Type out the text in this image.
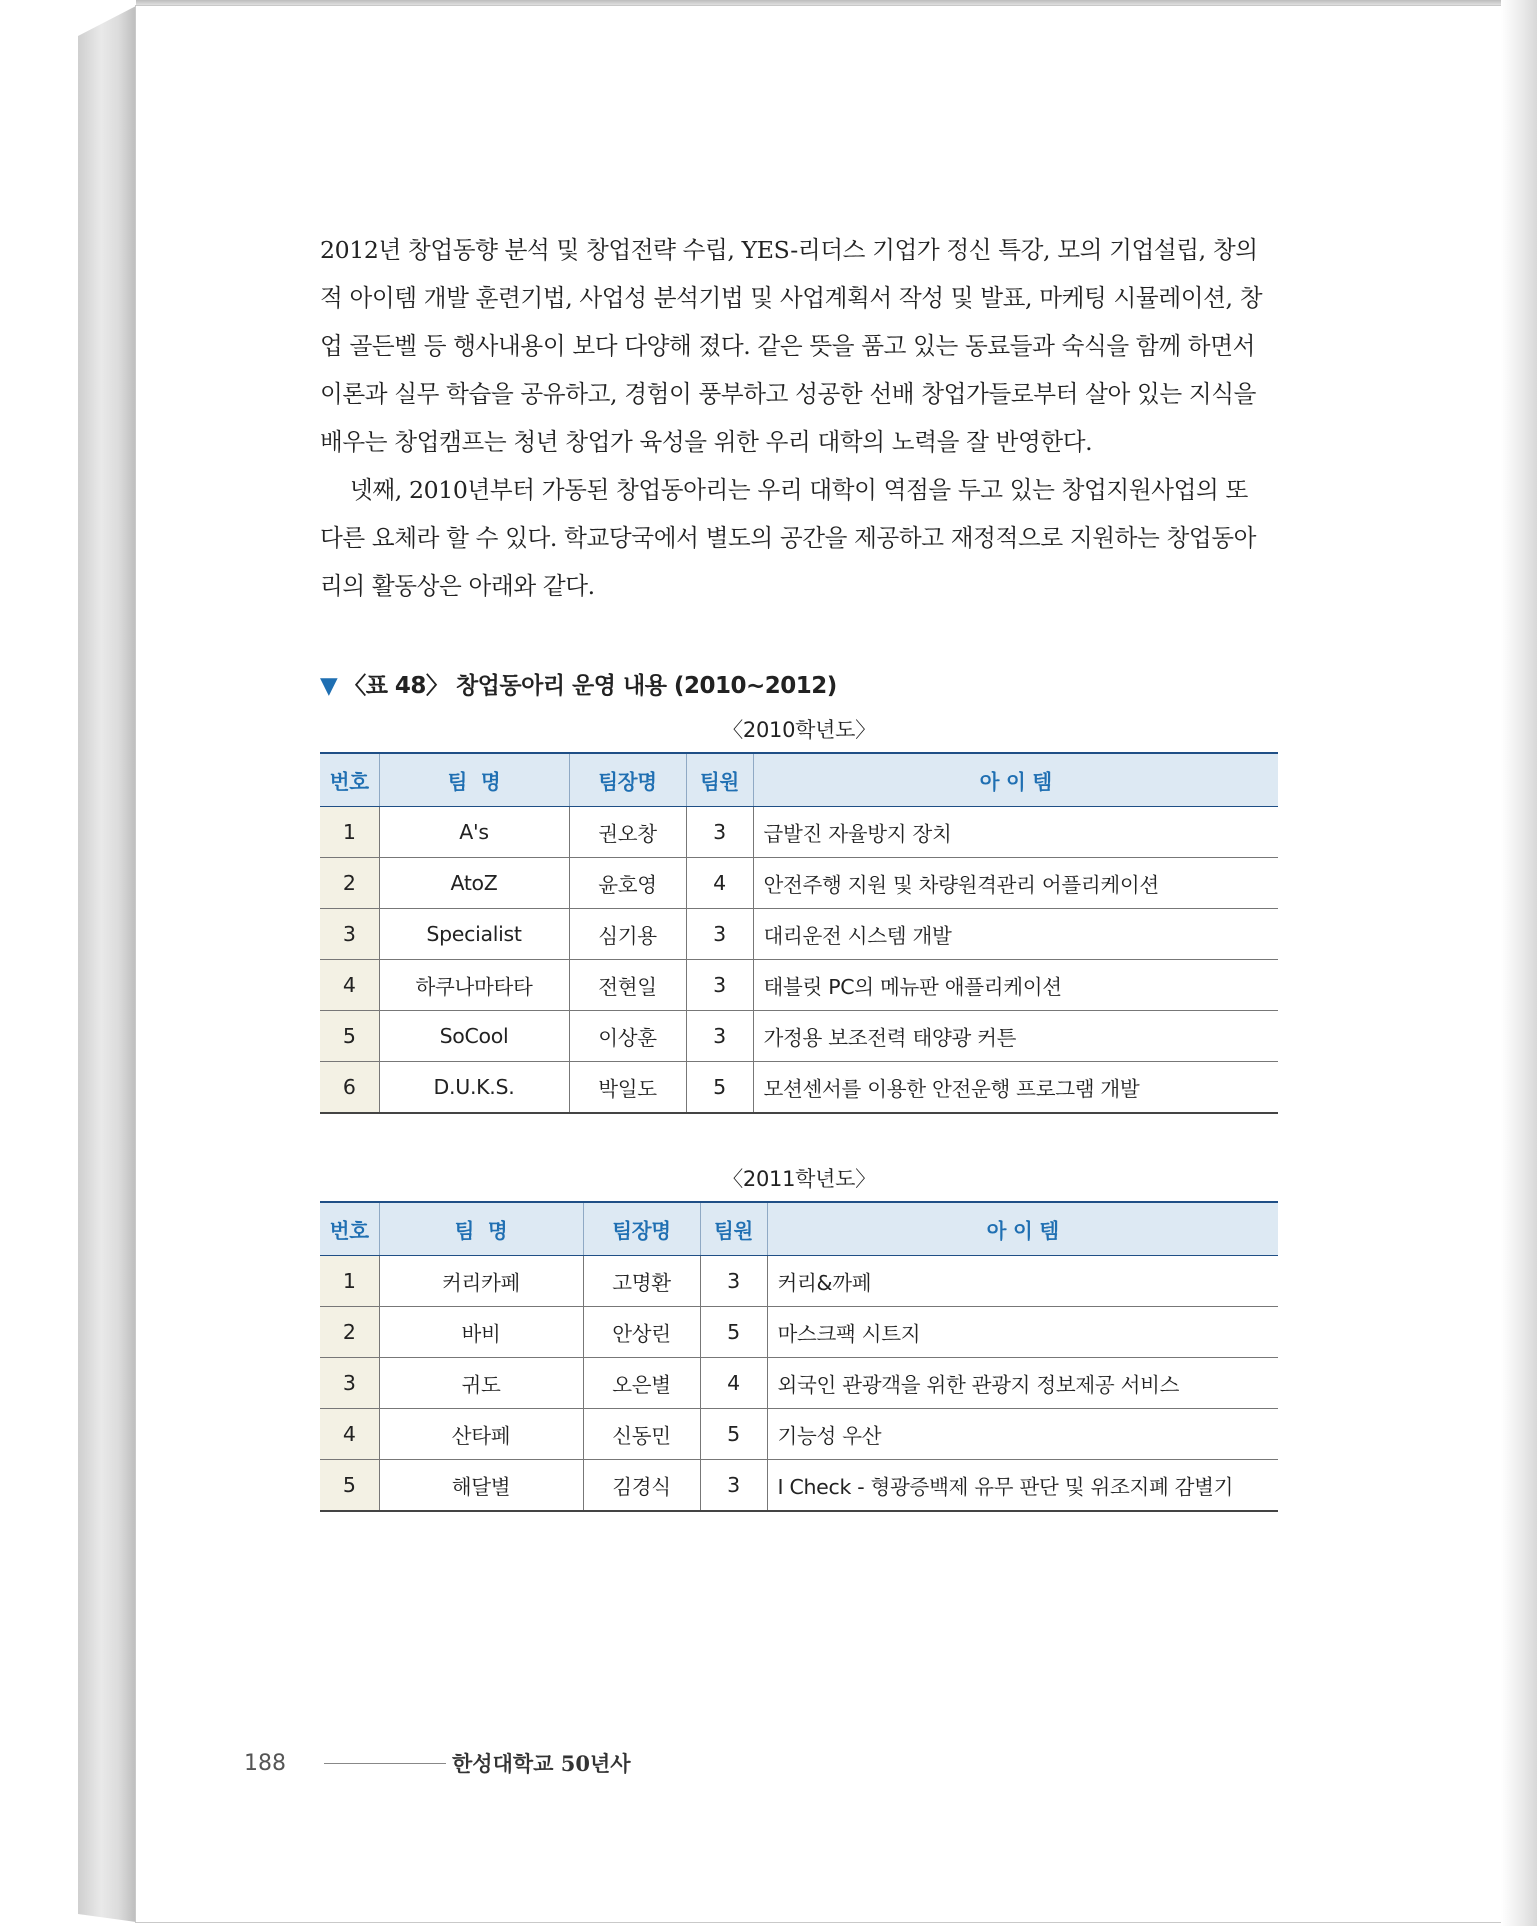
2012년 창업동향 분석 및 창업전략 수립, YES-리더스 기업가 정신 특강, 모의 기업설립, 창의
적 아이템 개발 훈련기법, 사업성 분석기법 및 사업계획서 작성 및 발표, 마케팅 시뮬레이션, 창
업 골든벨 등 행사내용이 보다 다양해 졌다. 같은 뜻을 품고 있는 동료들과 숙식을 함께 하면서
이론과 실무 학습을 공유하고, 경험이 풍부하고 성공한 선배 창업가들로부터 살아 있는 지식을
배우는 창업캠프는 청년 창업가 육성을 위한 우리 대학의 노력을 잘 반영한다.

넷째, 2010년부터 가동된 창업동아리는 우리 대학이 역점을 두고 있는 창업지원사업의 또
다른 요체라 할 수 있다. 학교당국에서 별도의 공간을 제공하고 재정적으로 지원하는 창업동아
리의 활동상은 아래와 같다.

▼ 〈표 48〉 창업동아리 운영 내용 (2010~2012)
〈2010학년도〉
번호	팀  명	팀장명	팀원	아 이 템
1	A's	권오창	3	급발진 자율방지 장치
2	AtoZ	윤호영	4	안전주행 지원 및 차량원격관리 어플리케이션
3	Specialist	심기용	3	대리운전 시스템 개발
4	하쿠나마타타	전현일	3	태블릿 PC의 메뉴판 애플리케이션
5	SoCool	이상훈	3	가정용 보조전력 태양광 커튼
6	D.U.K.S.	박일도	5	모션센서를 이용한 안전운행 프로그램 개발
〈2011학년도〉
번호	팀  명	팀장명	팀원	아 이 템
1	커리카페	고명환	3	커리&까페
2	바비	안상린	5	마스크팩 시트지
3	귀도	오은별	4	외국인 관광객을 위한 관광지 정보제공 서비스
4	산타페	신동민	5	기능성 우산
5	해달별	김경식	3	I Check - 형광증백제 유무 판단 및 위조지폐 감별기
188	한성대학교 50년사
